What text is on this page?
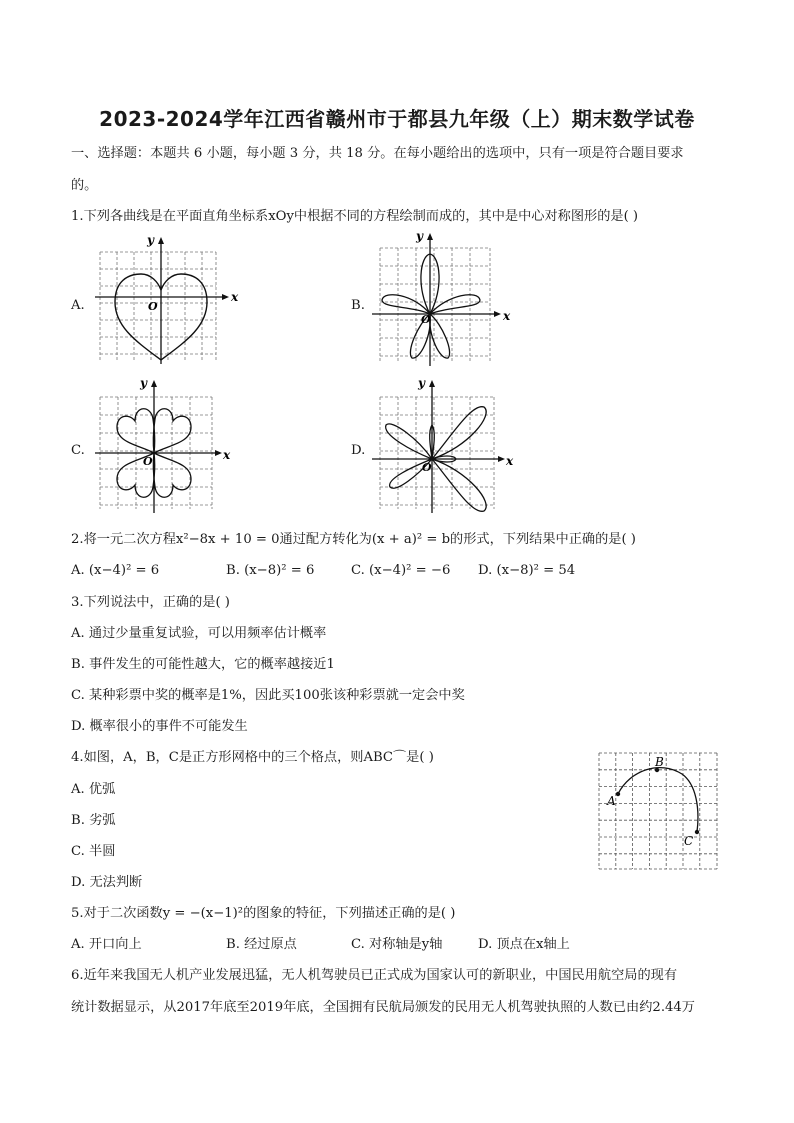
2023-2024学年江西省赣州市于都县九年级（上）期末数学试卷
一、选择题：本题共 6 小题，每小题 3 分，共 18 分。在每小题给出的选项中，只有一项是符合题目要求
的。
1.下列各曲线是在平面直角坐标系xOy中根据不同的方程绘制而成的，其中是中心对称图形的是( )
A.	B.
C.	D.
x
y
O
x
y
O
x
y
O	x
y
O
2.将一元二次方程x²−8x + 10 = 0通过配方转化为(x + a)² = b的形式，下列结果中正确的是( )
A. (x−4)² = 6	B. (x−8)² = 6	C. (x−4)² = −6 D. (x−8)² = 54
3.下列说法中，正确的是( )
A. 通过少量重复试验，可以用频率估计概率
B. 事件发生的可能性越大，它的概率越接近1
C. 某种彩票中奖的概率是1%，因此买100张该种彩票就一定会中奖
D. 概率很小的事件不可能发生
4.如图，A，B，C是正方形网格中的三个格点，则ABC⌒是( )
A. 优弧
B. 劣弧
C. 半圆
D. 无法判断
A
B
C
5.对于二次函数y = −(x−1)²的图象的特征，下列描述正确的是( )
A. 开口向上	B. 经过原点	C. 对称轴是y轴	D. 顶点在x轴上
6.近年来我国无人机产业发展迅猛，无人机驾驶员已正式成为国家认可的新职业，中国民用航空局的现有
统计数据显示，从2017年底至2019年底，全国拥有民航局颁发的民用无人机驾驶执照的人数已由约2.44万
